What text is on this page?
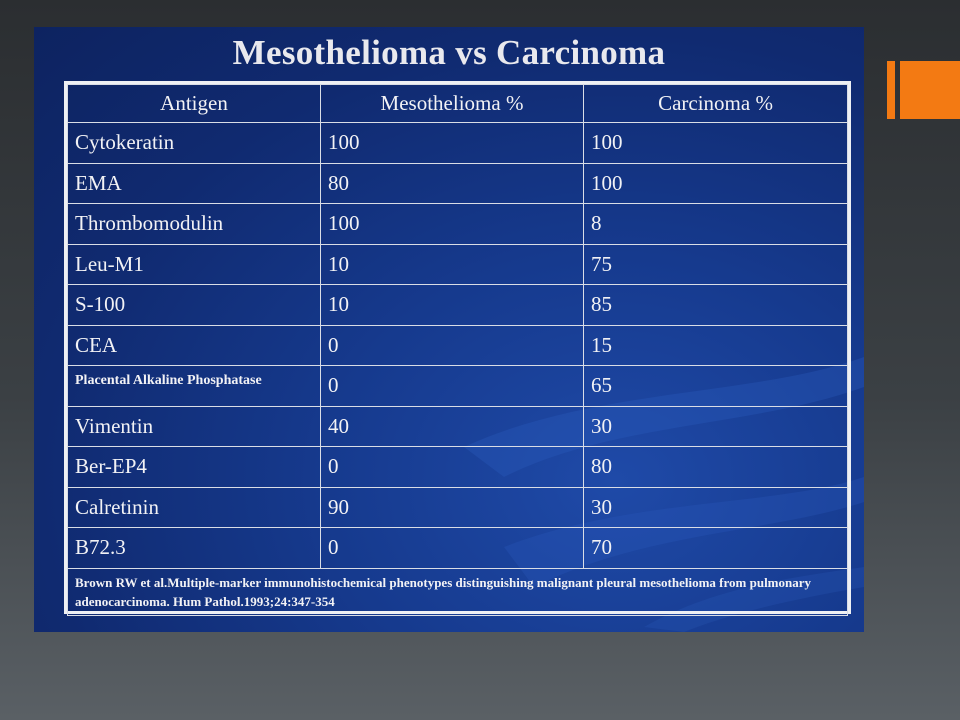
Mesothelioma vs Carcinoma
Antigen	Mesothelioma %	Carcinoma %
Cytokeratin	100	100
EMA	80	100
Thrombomodulin	100	8
Leu-M1	10	75
S-100	10	85
CEA	0	15
Placental Alkaline Phosphatase	0	65
Vimentin	40	30
Ber-EP4	0	80
Calretinin	90	30
B72.3	0	70
Brown RW et al.Multiple-marker immunohistochemical phenotypes distinguishing malignant pleural mesothelioma from pulmonary adenocarcinoma. Hum Pathol.1993;24:347-354		
